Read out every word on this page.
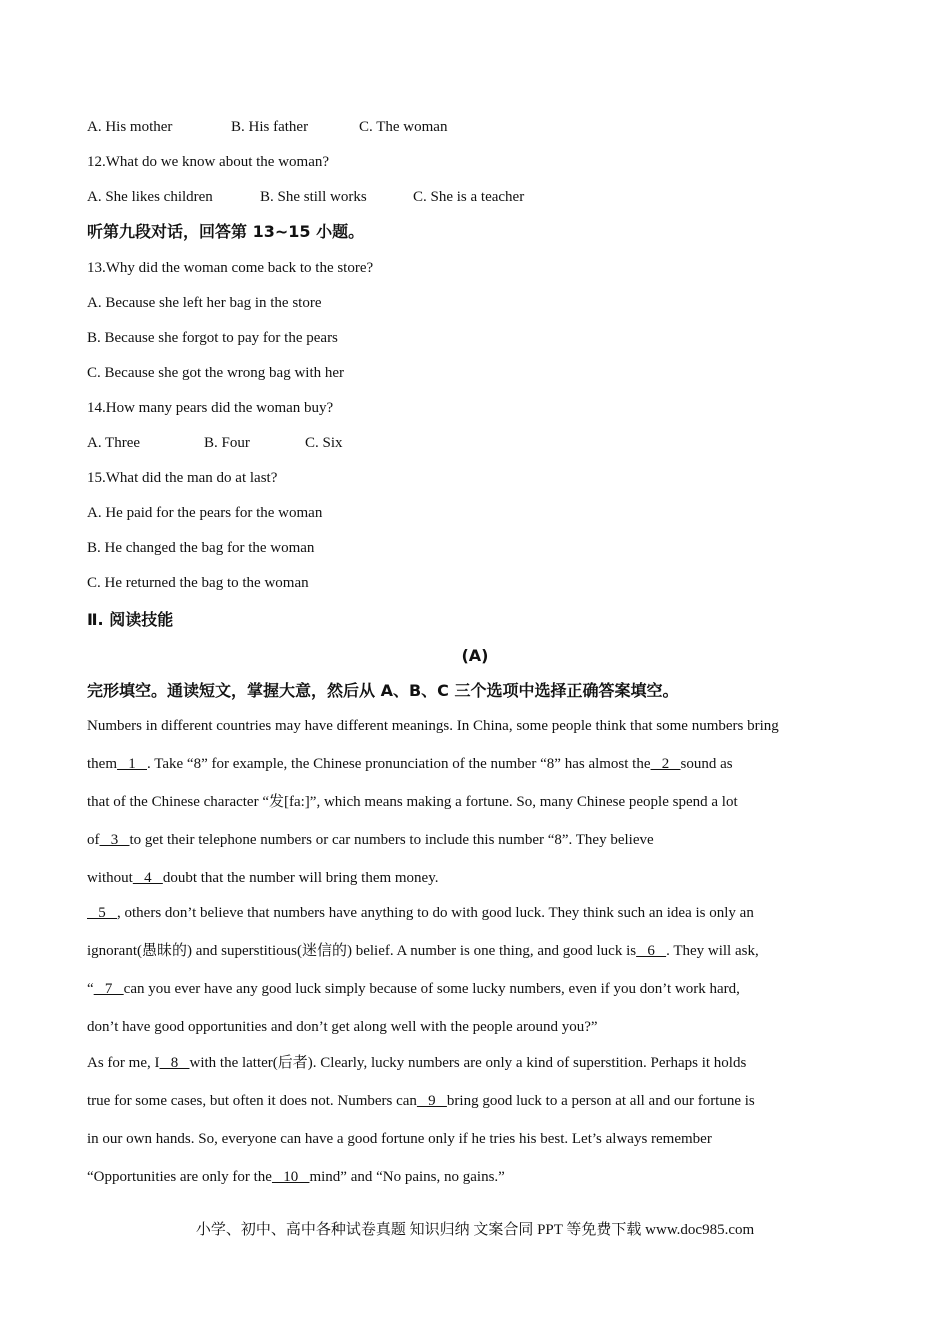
A. His mother	B. His father	C. The woman

12.What do we know about the woman?

A. She likes children	B. She still works	C. She is a teacher

听第九段对话，回答第 13~15 小题。

13.Why did the woman come back to the store?

A. Because she left her bag in the store

B. Because she forgot to pay for the pears

C. Because she got the wrong bag with her

14.How many pears did the woman buy?

A. Three	B. Four	C. Six

15.What did the man do at last?

A. He paid for the pears for the woman

B. He changed the bag for the woman

C. He returned the bag to the woman

Ⅱ. 阅读技能

(A)

完形填空。通读短文，掌握大意，然后从 A、B、C 三个选项中选择正确答案填空。

Numbers in different countries may have different meanings. In China, some people think that some numbers bring

them   1   . Take “8” for example, the Chinese pronunciation of the number “8” has almost the   2   sound as

that of the Chinese character “发[fa:]”, which means making a fortune. So, many Chinese people spend a lot

of   3   to get their telephone numbers or car numbers to include this number “8”. They believe

without   4   doubt that the number will bring them money.

5   , others don’t believe that numbers have anything to do with good luck. They think such an idea is only an

ignorant(愚昧的) and superstitious(迷信的) belief. A number is one thing, and good luck is   6   . They will ask,

“   7   can you ever have any good luck simply because of some lucky numbers, even if you don’t work hard,

don’t have good opportunities and don’t get along well with the people around you?”

As for me, I   8   with the latter(后者). Clearly, lucky numbers are only a kind of superstition. Perhaps it holds

true for some cases, but often it does not. Numbers can   9   bring good luck to a person at all and our fortune is

in our own hands. So, everyone can have a good fortune only if he tries his best. Let’s always remember

“Opportunities are only for the   10   mind” and “No pains, no gains.”

小学、初中、高中各种试卷真题 知识归纳 文案合同 PPT 等免费下载 www.doc985.com
